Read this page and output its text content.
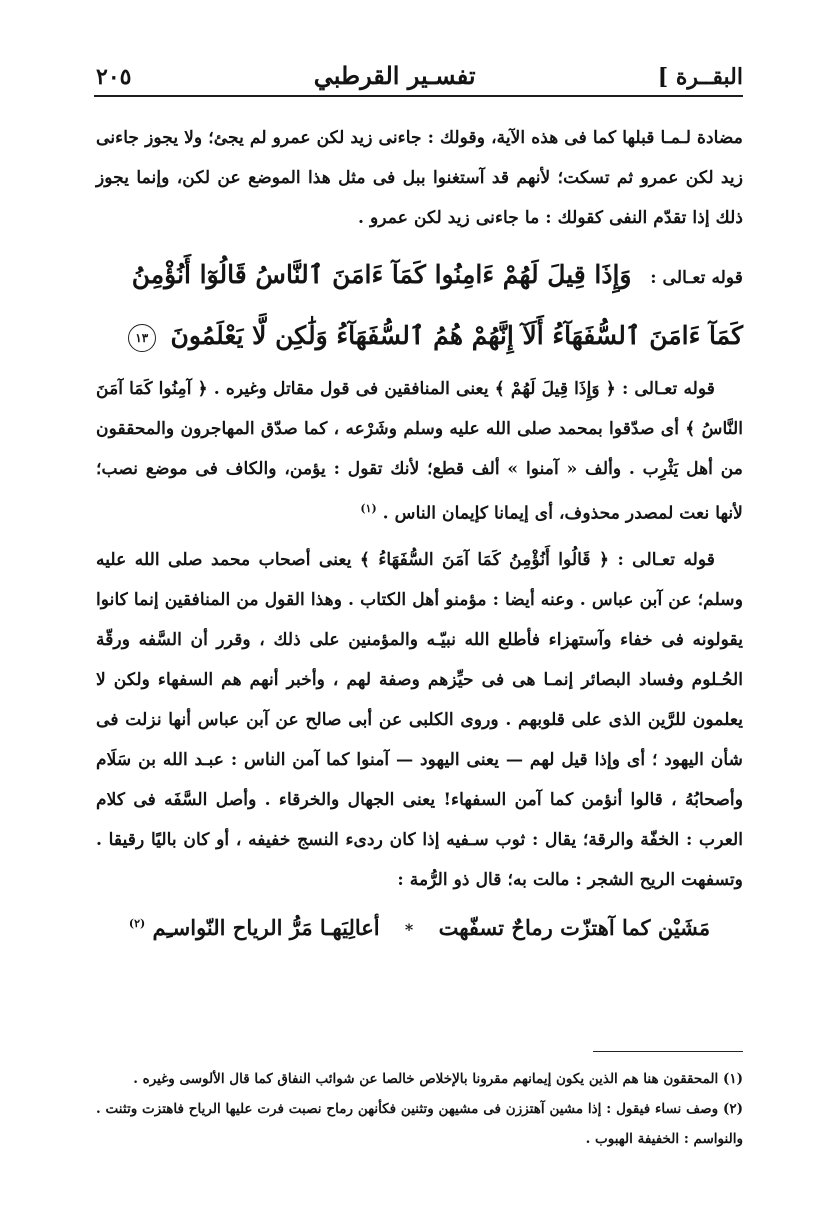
البقــرة ]
تفسـير القرطبي
٢٠٥

مضادة لـمـا قبلها كما فى هذه الآية، وقولك : جاءنى زيد لكن عمرو لم يجئ؛ ولا يجوز جاءنى زيد لكن عمرو ثم تسكت؛ لأنهم قد آستغنوا ببل فى مثل هذا الموضع عن لكن، وإنما يجوز ذلك إذا تقدّم النفى كقولك : ما جاءنى زيد لكن عمرو .

قوله تعـالى : وَإِذَا قِيلَ لَهُمْ ءَامِنُوا كَمَآ ءَامَنَ ٱلنَّاسُ قَالُوٓا أَنُؤْمِنُ

كَمَآ ءَامَنَ ٱلسُّفَهَآءُ أَلَآ إِنَّهُمْ هُمُ ٱلسُّفَهَآءُ وَلَٰكِن لَّا يَعْلَمُونَ ١٣

قوله تعـالى : ﴿ وَإِذَا قِيلَ لَهُمْ ﴾ يعنى المنافقين فى قول مقاتل وغيره . ﴿ آمِنُوا كَمَا آمَنَ النَّاسُ ﴾ أى صدّقوا بمحمد صلى الله عليه وسلم وشَرْعه ، كما صدّق المهاجرون والمحققون من أهل يَثْرِب . وألف « آمنوا » ألف قطع؛ لأنك تقول : يؤمن، والكاف فى موضع نصب؛ لأنها نعت لمصدر محذوف، أى إيمانا كإيمان الناس . $^{(١)}$

قوله تعـالى : ﴿ قَالُوا أَنُؤْمِنُ كَمَا آمَنَ السُّفَهَاءُ ﴾ يعنى أصحاب محمد صلى الله عليه وسلم؛ عن آبن عباس . وعنه أيضا : مؤمنو أهل الكتاب . وهذا القول من المنافقين إنما كانوا يقولونه فى خفاء وآستهزاء فأطلع الله نبيّـه والمؤمنين على ذلك ، وقرر أن السَّفه ورقّة الحُـلوم وفساد البصائر إنمـا هى فى حيِّزهم وصفة لهم ، وأخبر أنهم هم السفهاء ولكن لا يعلمون للرَّين الذى على قلوبهم . وروى الكلبى عن أبى صالح عن آبن عباس أنها نزلت فى شأن اليهود ؛ أى وإذا قيل لهم — يعنى اليهود — آمنوا كما آمن الناس : عبـد الله بن سَلَام وأصحابُهُ ، قالوا أنؤمن كما آمن السفهاء! يعنى الجهال والخرقاء . وأصل السَّفَه فى كلام العرب : الخفّة والرقة؛ يقال : ثوب سـفيه إذا كان ردىء النسج خفيفه ، أو كان باليًا رقيقا . وتسفهت الريح الشجر : مالت به؛ قال ذو الرُّمة :

مَشَيْن كما آهتزّت رماحٌ تسفّهت * أعالِيَهـا مَرُّ الرياح النّواسـِم $^{(٢)}$

(١) المحققون هنا هم الذين يكون إيمانهم مقرونا بالإخلاص خالصا عن شوائب النفاق كما قال الألوسى وغيره .

(٢) وصف نساء فيقول : إذا مشين آهتززن فى مشيهن وتثنين فكأنهن رماح نصبت فرت عليها الرياح فاهتزت وتثنت . والنواسم : الخفيفة الهبوب .
